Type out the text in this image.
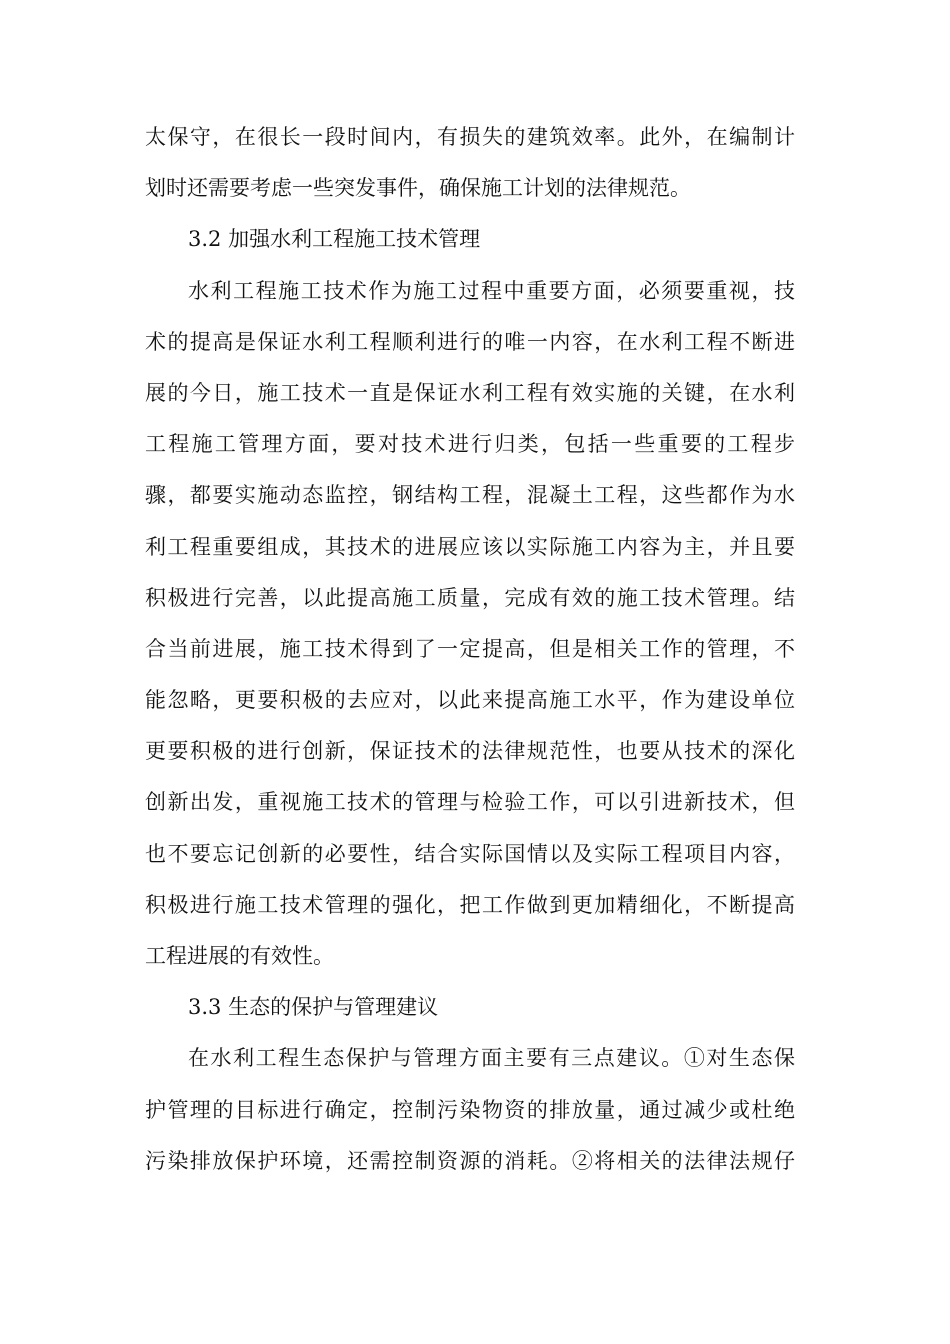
太保守，在很长一段时间内，有损失的建筑效率。此外，在编制计
划时还需要考虑一些突发事件，确保施工计划的法律规范。
3.2 加强水利工程施工技术管理
水利工程施工技术作为施工过程中重要方面，必须要重视，技
术的提高是保证水利工程顺利进行的唯一内容，在水利工程不断进
展的今日，施工技术一直是保证水利工程有效实施的关键，在水利
工程施工管理方面，要对技术进行归类，包括一些重要的工程步
骤，都要实施动态监控，钢结构工程，混凝土工程，这些都作为水
利工程重要组成，其技术的进展应该以实际施工内容为主，并且要
积极进行完善，以此提高施工质量，完成有效的施工技术管理。结
合当前进展，施工技术得到了一定提高，但是相关工作的管理，不
能忽略，更要积极的去应对，以此来提高施工水平，作为建设单位
更要积极的进行创新，保证技术的法律规范性，也要从技术的深化
创新出发，重视施工技术的管理与检验工作，可以引进新技术，但
也不要忘记创新的必要性，结合实际国情以及实际工程项目内容，
积极进行施工技术管理的强化，把工作做到更加精细化，不断提高
工程进展的有效性。
3.3 生态的保护与管理建议
在水利工程生态保护与管理方面主要有三点建议。①对生态保
护管理的目标进行确定，控制污染物资的排放量，通过减少或杜绝
污染排放保护环境，还需控制资源的消耗。②将相关的法律法规仔
